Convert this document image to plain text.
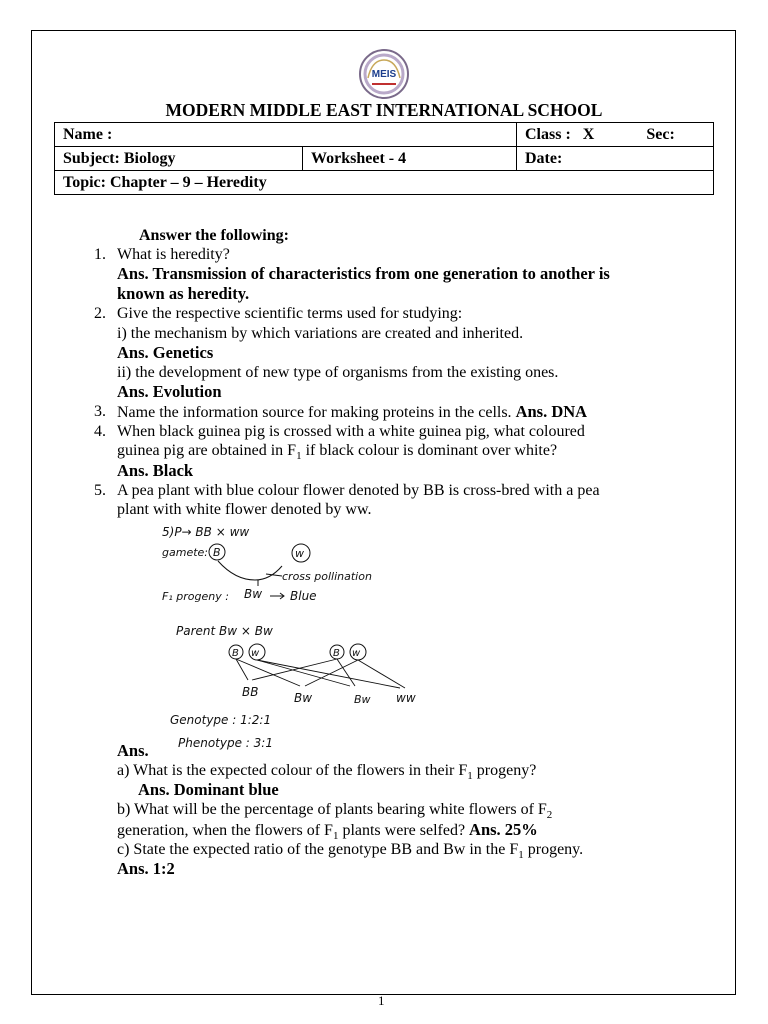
MEIS
MODERN MIDDLE EAST INTERNATIONAL SCHOOL
Name :		Class : X Sec:
Subject: Biology	Worksheet - 4	Date:
Topic: Chapter – 9 – Heredity		
Answer the following:
1. What is heredity?
Ans. Transmission of characteristics from one generation to another is
known as heredity.
2. Give the respective scientific terms used for studying:
i) the mechanism by which variations are created and inherited.
Ans. Genetics
ii) the development of new type of organisms from the existing ones.
Ans. Evolution
3. Name the information source for making proteins in the cells. Ans. DNA
4. When black guinea pig is crossed with a white guinea pig, what coloured
guinea pig are obtained in $F_1$ if black colour is dominant over white?
Ans. Black
5. A pea plant with blue colour flower denoted by BB is cross-bred with a pea
plant with white flower denoted by ww.
5)P→ BB × ww
gamete: B	w
cross pollination
F₁ progeny : Bw Blue
Parent Bw × Bw
B w	B w
BB	Bw	Bw ww
Genotype : 1:2:1
Phenotype : 3:1
Ans.
a) What is the expected colour of the flowers in their $F_1$ progeny?
Ans. Dominant blue
b) What will be the percentage of plants bearing white flowers of $F_2$
generation, when the flowers of $F_1$ plants were selfed? Ans. 25%
c) State the expected ratio of the genotype BB and Bw in the $F_1$ progeny.
Ans. 1:2
1
